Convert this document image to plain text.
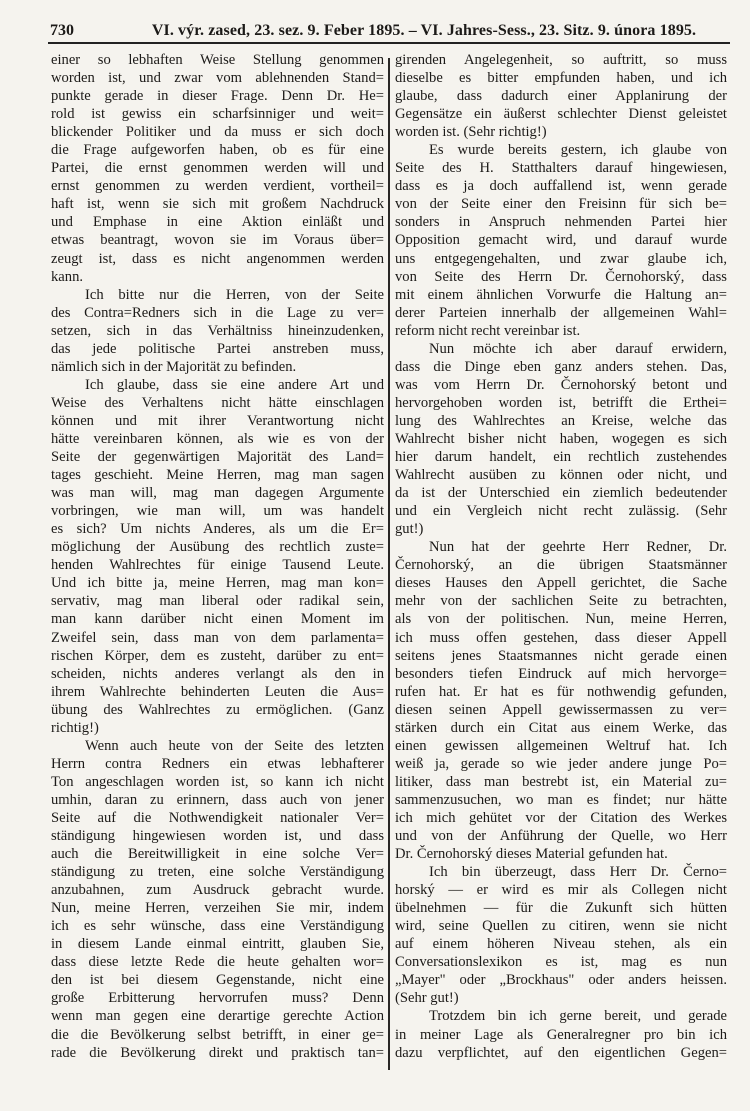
730	VI. výr. zased, 23. sez. 9. Feber 1895. – VI. Jahres-Sess., 23. Sitz. 9. února 1895.
einer so lebhaften Weise Stellung genommen
worden ist, und zwar vom ablehnenden Stand=
punkte gerade in dieser Frage. Denn Dr. He=
rold ist gewiss ein scharfsinniger und weit=
blickender Politiker und da muss er sich doch
die Frage aufgeworfen haben, ob es für eine
Partei, die ernst genommen werden will und
ernst genommen zu werden verdient, vortheil=
haft ist, wenn sie sich mit großem Nachdruck
und Emphase in eine Aktion einläßt und
etwas beantragt, wovon sie im Voraus über=
zeugt ist, dass es nicht angenommen werden
kann.
Ich bitte nur die Herren, von der Seite
des Contra=Redners sich in die Lage zu ver=
setzen, sich in das Verhältniss hineinzudenken,
das jede politische Partei anstreben muss,
nämlich sich in der Majorität zu befinden.
Ich glaube, dass sie eine andere Art und
Weise des Verhaltens nicht hätte einschlagen
können und mit ihrer Verantwortung nicht
hätte vereinbaren können, als wie es von der
Seite der gegenwärtigen Majorität des Land=
tages geschieht. Meine Herren, mag man sagen
was man will, mag man dagegen Argumente
vorbringen, wie man will, um was handelt
es sich? Um nichts Anderes, als um die Er=
möglichung der Ausübung des rechtlich zuste=
henden Wahlrechtes für einige Tausend Leute.
Und ich bitte ja, meine Herren, mag man kon=
servativ, mag man liberal oder radikal sein,
man kann darüber nicht einen Moment im
Zweifel sein, dass man von dem parlamenta=
rischen Körper, dem es zusteht, darüber zu ent=
scheiden, nichts anderes verlangt als den in
ihrem Wahlrechte behinderten Leuten die Aus=
übung des Wahlrechtes zu ermöglichen. (Ganz
richtig!)
Wenn auch heute von der Seite des letzten
Herrn contra Redners ein etwas lebhafterer
Ton angeschlagen worden ist, so kann ich nicht
umhin, daran zu erinnern, dass auch von jener
Seite auf die Nothwendigkeit nationaler Ver=
ständigung hingewiesen worden ist, und dass
auch die Bereitwilligkeit in eine solche Ver=
ständigung zu treten, eine solche Verständigung
anzubahnen, zum Ausdruck gebracht wurde.
Nun, meine Herren, verzeihen Sie mir, indem
ich es sehr wünsche, dass eine Verständigung
in diesem Lande einmal eintritt, glauben Sie,
dass diese letzte Rede die heute gehalten wor=
den ist bei diesem Gegenstande, nicht eine
große Erbitterung hervorrufen muss? Denn
wenn man gegen eine derartige gerechte Action
die die Bevölkerung selbst betrifft, in einer ge=
rade die Bevölkerung direkt und praktisch tan=
girenden Angelegenheit, so auftritt, so muss
dieselbe es bitter empfunden haben, und ich
glaube, dass dadurch einer Applanirung der
Gegensätze ein äußerst schlechter Dienst geleistet
worden ist. (Sehr richtig!)
Es wurde bereits gestern, ich glaube von
Seite des H. Statthalters darauf hingewiesen,
dass es ja doch auffallend ist, wenn gerade
von der Seite einer den Freisinn für sich be=
sonders in Anspruch nehmenden Partei hier
Opposition gemacht wird, und darauf wurde
uns entgegengehalten, und zwar glaube ich,
von Seite des Herrn Dr. Černohorský, dass
mit einem ähnlichen Vorwurfe die Haltung an=
derer Parteien innerhalb der allgemeinen Wahl=
reform nicht recht vereinbar ist.
Nun möchte ich aber darauf erwidern,
dass die Dinge eben ganz anders stehen. Das,
was vom Herrn Dr. Černohorský betont und
hervorgehoben worden ist, betrifft die Erthei=
lung des Wahlrechtes an Kreise, welche das
Wahlrecht bisher nicht haben, wogegen es sich
hier darum handelt, ein rechtlich zustehendes
Wahlrecht ausüben zu können oder nicht, und
da ist der Unterschied ein ziemlich bedeutender
und ein Vergleich nicht recht zulässig. (Sehr
gut!)
Nun hat der geehrte Herr Redner, Dr.
Černohorský, an die übrigen Staatsmänner
dieses Hauses den Appell gerichtet, die Sache
mehr von der sachlichen Seite zu betrachten,
als von der politischen. Nun, meine Herren,
ich muss offen gestehen, dass dieser Appell
seitens jenes Staatsmannes nicht gerade einen
besonders tiefen Eindruck auf mich hervorge=
rufen hat. Er hat es für nothwendig gefunden,
diesen seinen Appell gewissermassen zu ver=
stärken durch ein Citat aus einem Werke, das
einen gewissen allgemeinen Weltruf hat. Ich
weiß ja, gerade so wie jeder andere junge Po=
litiker, dass man bestrebt ist, ein Material zu=
sammenzusuchen, wo man es findet; nur hätte
ich mich gehütet vor der Citation des Werkes
und von der Anführung der Quelle, wo Herr
Dr. Černohorský dieses Material gefunden hat.
Ich bin überzeugt, dass Herr Dr. Černo=
horský — er wird es mir als Collegen nicht
übelnehmen — für die Zukunft sich hütten
wird, seine Quellen zu citiren, wenn sie nicht
auf einem höheren Niveau stehen, als ein
Conversationslexikon es ist, mag es nun
„Mayer" oder „Brockhaus" oder anders heissen.
(Sehr gut!)
Trotzdem bin ich gerne bereit, und gerade
in meiner Lage als Generalregner pro bin ich
dazu verpflichtet, auf den eigentlichen Gegen=
